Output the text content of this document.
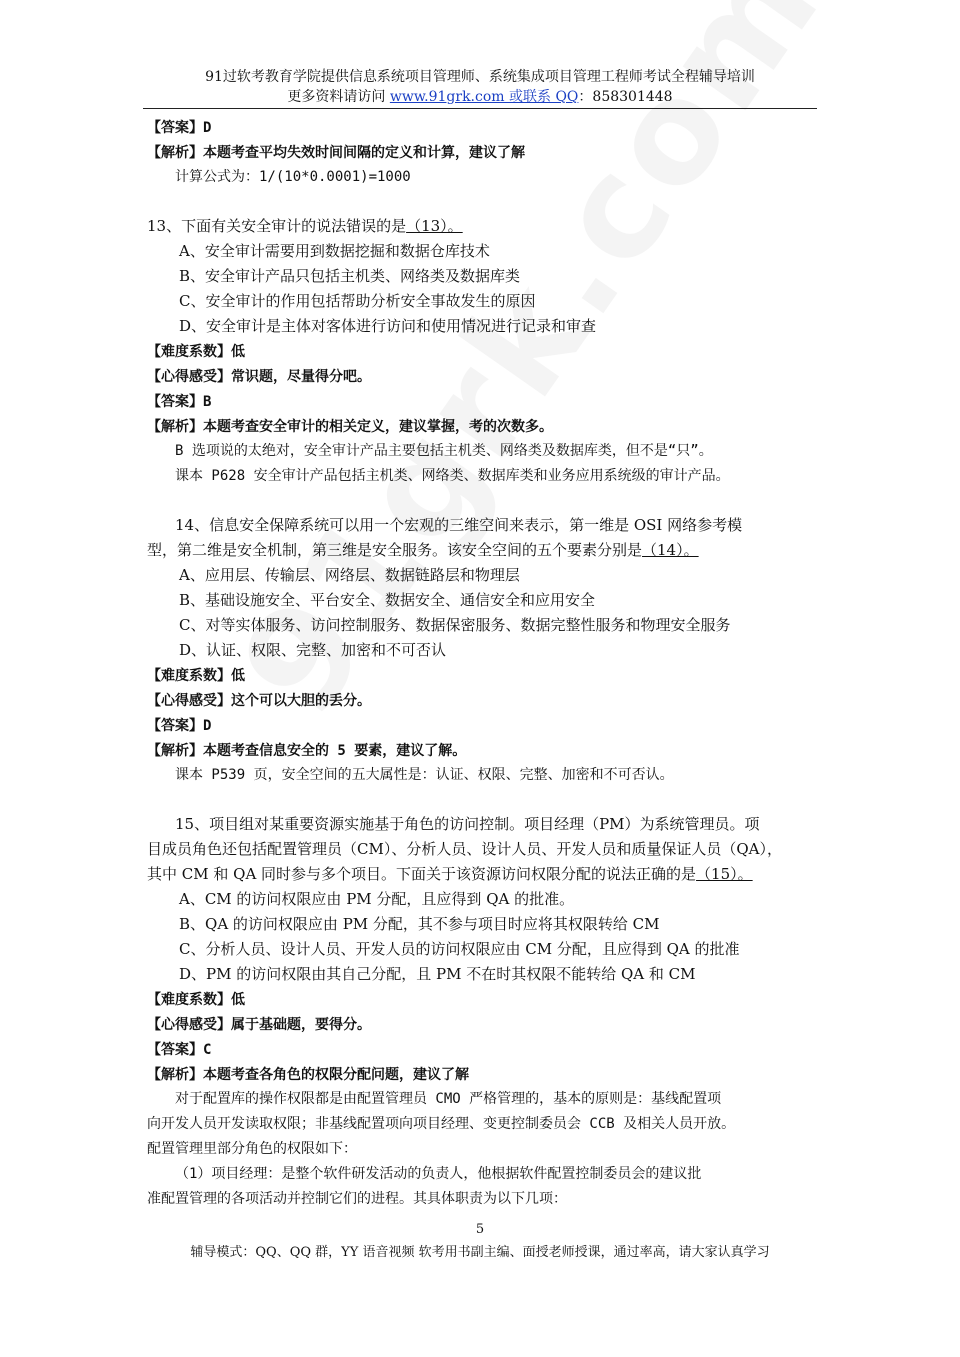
91过软考教育学院提供信息系统项目管理师、系统集成项目管理工程师考试全程辅导培训
更多资料请访问 www.91grk.com 或联系 QQ：858301448
【答案】D
【解析】本题考查平均失效时间间隔的定义和计算，建议了解
计算公式为：1/(10*0.0001)=1000
13、下面有关安全审计的说法错误的是（13）。
A、安全审计需要用到数据挖掘和数据仓库技术
B、安全审计产品只包括主机类、网络类及数据库类
C、安全审计的作用包括帮助分析安全事故发生的原因
D、安全审计是主体对客体进行访问和使用情况进行记录和审查
【难度系数】低
【心得感受】常识题，尽量得分吧。
【答案】B
【解析】本题考查安全审计的相关定义，建议掌握，考的次数多。
B 选项说的太绝对，安全审计产品主要包括主机类、网络类及数据库类，但不是“只”。
课本 P628 安全审计产品包括主机类、网络类、数据库类和业务应用系统级的审计产品。
14、信息安全保障系统可以用一个宏观的三维空间来表示，第一维是 OSI 网络参考模
型，第二维是安全机制，第三维是安全服务。该安全空间的五个要素分别是（14）。
A、应用层、传输层、网络层、数据链路层和物理层
B、基础设施安全、平台安全、数据安全、通信安全和应用安全
C、对等实体服务、访问控制服务、数据保密服务、数据完整性服务和物理安全服务
D、认证、权限、完整、加密和不可否认
【难度系数】低
【心得感受】这个可以大胆的丢分。
【答案】D
【解析】本题考查信息安全的 5 要素，建议了解。
课本 P539 页，安全空间的五大属性是：认证、权限、完整、加密和不可否认。
15、项目组对某重要资源实施基于角色的访问控制。项目经理（PM）为系统管理员。项
目成员角色还包括配置管理员（CM）、分析人员、设计人员、开发人员和质量保证人员（QA），
其中 CM 和 QA 同时参与多个项目。下面关于该资源访问权限分配的说法正确的是（15）。
A、CM 的访问权限应由 PM 分配，且应得到 QA 的批准。
B、QA 的访问权限应由 PM 分配，其不参与项目时应将其权限转给 CM
C、分析人员、设计人员、开发人员的访问权限应由 CM 分配，且应得到 QA 的批准
D、PM 的访问权限由其自己分配，且 PM 不在时其权限不能转给 QA 和 CM
【难度系数】低
【心得感受】属于基础题，要得分。
【答案】C
【解析】本题考查各角色的权限分配问题，建议了解
对于配置库的操作权限都是由配置管理员 CMO 严格管理的，基本的原则是：基线配置项
向开发人员开发读取权限；非基线配置项向项目经理、变更控制委员会 CCB 及相关人员开放。
配置管理里部分角色的权限如下：
（1）项目经理：是整个软件研发活动的负责人，他根据软件配置控制委员会的建议批
准配置管理的各项活动并控制它们的进程。其具体职责为以下几项：
5
辅导模式：QQ、QQ 群，YY 语音视频 软考用书副主编、面授老师授课，通过率高，请大家认真学习
